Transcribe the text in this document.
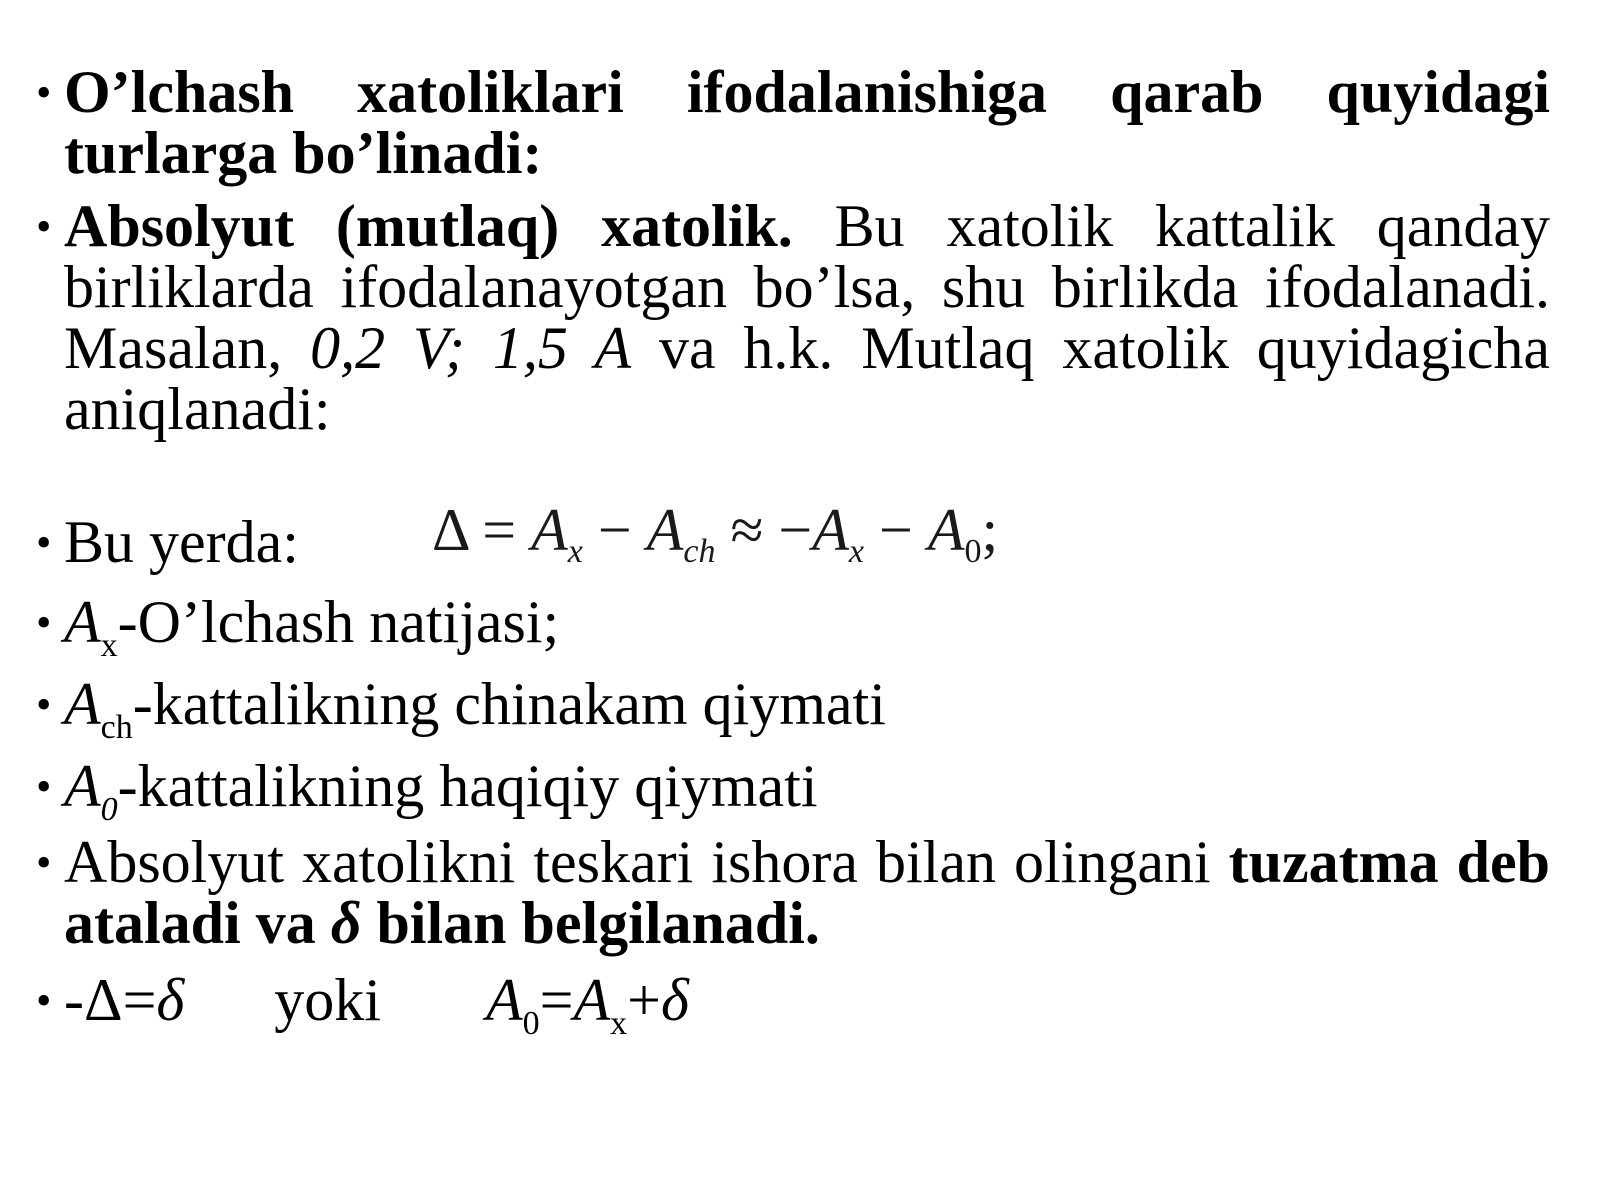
• O’lchash xatoliklari ifodalanishiga qarab quyidagi turlarga bo’linadi:
• Absolyut (mutlaq) xatolik. Bu xatolik kattalik qanday birliklarda ifodalanayotgan bo’lsa, shu birlikda ifodalanadi. Masalan, 0,2 V; 1,5 A va h.k. Mutlaq xatolik quyidagicha aniqlanadi:
$\Delta = A_x - A_{ch} \approx -A_x - A_0$;
• Bu yerda:
• $A_x-O’lchash$ natijasi;
• $A_{ch}$-kattalikning chinakam qiymati
• $A_0$-kattalikning haqiqiy qiymati
• Absolyut xatolikni teskari ishora bilan olingani tuzatma deb ataladi va δ bilan belgilanadi.
• -Δ=δ yoki $A_0=A_x+\delta$
